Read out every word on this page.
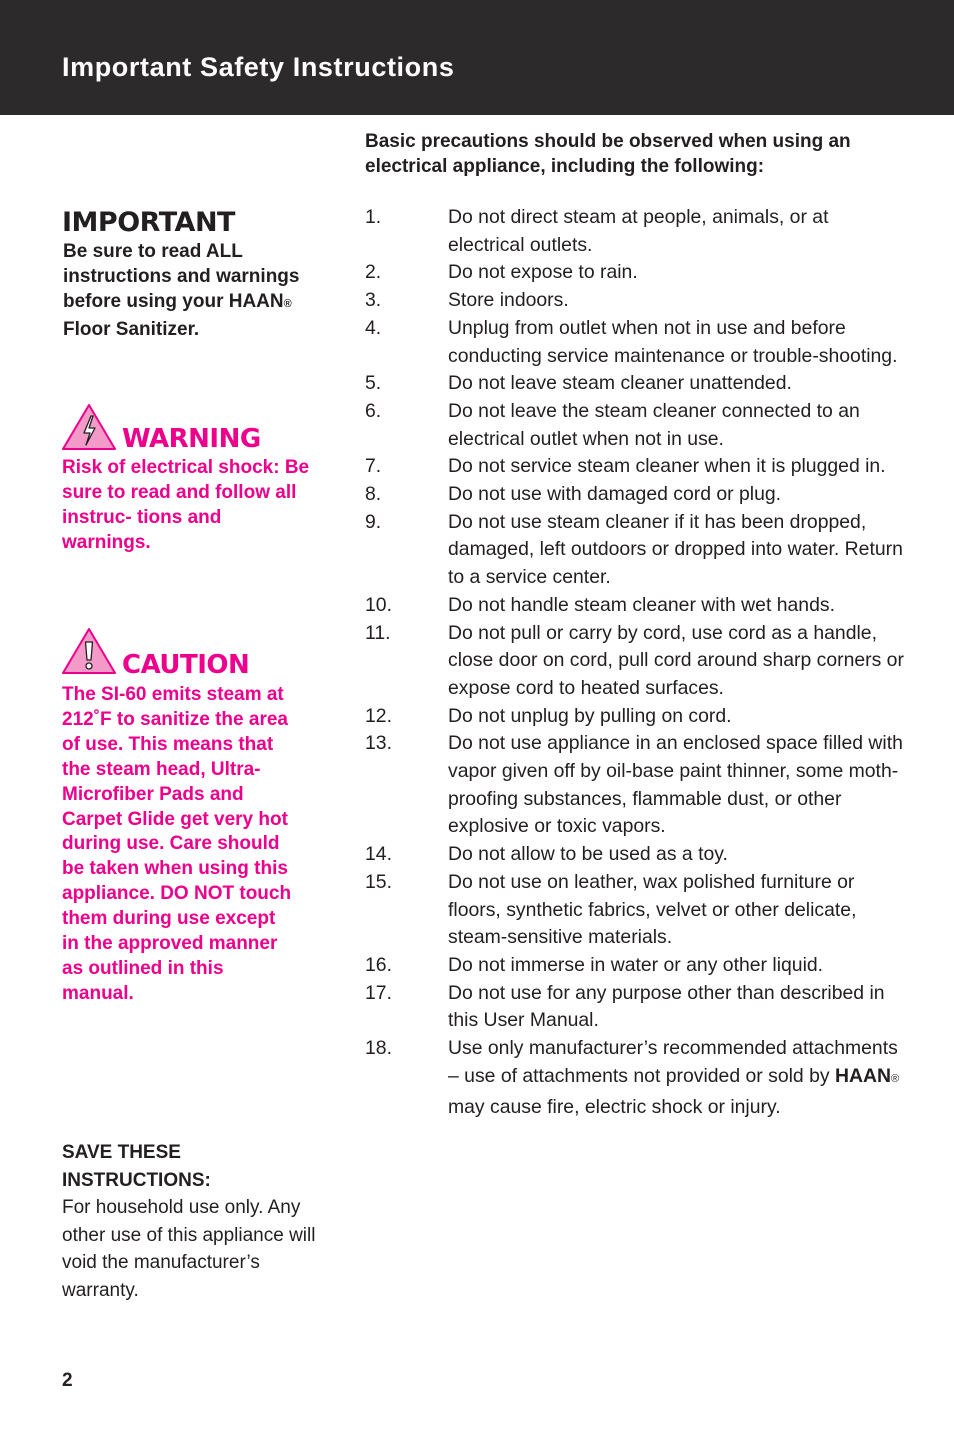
Important Safety Instructions
IMPORTANT

Be sure to read ALL instructions and warnings before using your HAAN® Floor Sanitizer.

WARNING

Risk of electrical shock: Be sure to read and follow all instruc- tions and warnings.

CAUTION

The SI-60 emits steam at 212˚F to sanitize the area of use. This means that the steam head, Ultra-Microfiber Pads and Carpet Glide get very hot during use. Care should be taken when using this appliance. DO NOT touch them during use except in the approved manner as outlined in this manual.

SAVE THESE INSTRUCTIONS:

For household use only. Any other use of this appliance will void the manufacturer’s warranty.

Basic precautions should be observed when using an electrical appliance, including the following:

1.	Do not direct steam at people, animals, or at electrical outlets.
2.	Do not expose to rain.
3.	Store indoors.
4.	Unplug from outlet when not in use and before conducting service maintenance or trouble-shooting.
5.	Do not leave steam cleaner unattended.
6.	Do not leave the steam cleaner connected to an electrical outlet when not in use.
7.	Do not service steam cleaner when it is plugged in.
8.	Do not use with damaged cord or plug.
9.	Do not use steam cleaner if it has been dropped, damaged, left outdoors or dropped into water. Return to a service center.
10.	Do not handle steam cleaner with wet hands.
11.	Do not pull or carry by cord, use cord as a handle, close door on cord, pull cord around sharp corners or expose cord to heated surfaces.
12.	Do not unplug by pulling on cord.
13.	Do not use appliance in an enclosed space filled with vapor given off by oil-base paint thinner, some moth-proofing substances, flammable dust, or other explosive or toxic vapors.
14.	Do not allow to be used as a toy.
15.	Do not use on leather, wax polished furniture or floors, synthetic fabrics, velvet or other delicate, steam-sensitive materials.
16.	Do not immerse in water or any other liquid.
17.	Do not use for any purpose other than described in this User Manual.
18.	Use only manufacturer’s recommended attachments – use of attachments not provided or sold by HAAN® may cause fire, electric shock or injury.

2
